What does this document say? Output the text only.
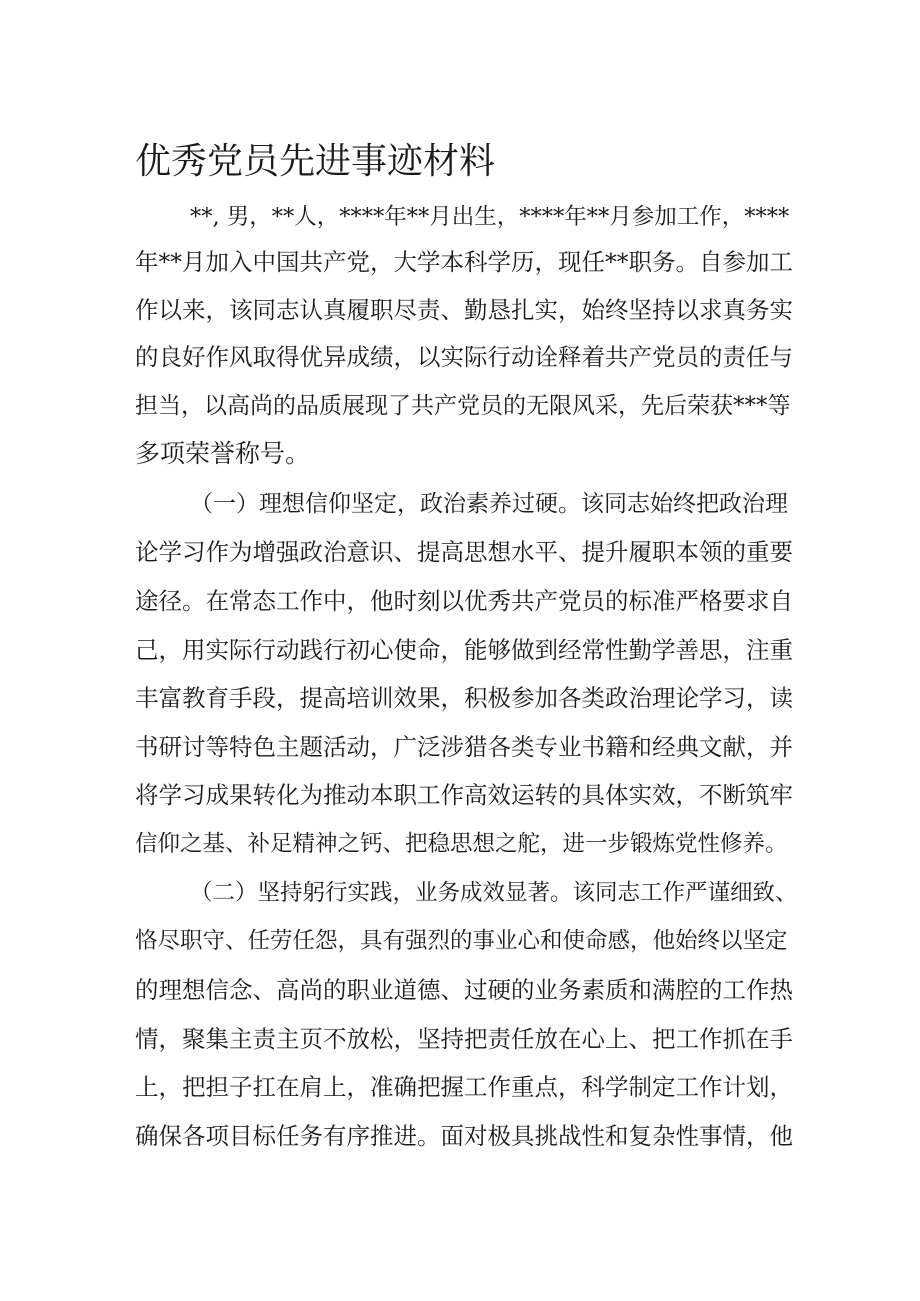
优秀党员先进事迹材料

**, 男，**人，****年**月出生，****年**月参加工作，****

年**月加入中国共产党，大学本科学历，现任**职务。自参加工

作以来，该同志认真履职尽责、勤恳扎实，始终坚持以求真务实

的良好作风取得优异成绩，以实际行动诠释着共产党员的责任与

担当，以高尚的品质展现了共产党员的无限风采，先后荣获***等

多项荣誉称号。

（一）理想信仰坚定，政治素养过硬。该同志始终把政治理

论学习作为增强政治意识、提高思想水平、提升履职本领的重要

途径。在常态工作中，他时刻以优秀共产党员的标准严格要求自

己，用实际行动践行初心使命，能够做到经常性勤学善思，注重

丰富教育手段，提高培训效果，积极参加各类政治理论学习，读

书研讨等特色主题活动，广泛涉猎各类专业书籍和经典文献，并

将学习成果转化为推动本职工作高效运转的具体实效，不断筑牢

信仰之基、补足精神之钙、把稳思想之舵，进一步锻炼党性修养。

（二）坚持躬行实践，业务成效显著。该同志工作严谨细致、

恪尽职守、任劳任怨，具有强烈的事业心和使命感，他始终以坚定

的理想信念、高尚的职业道德、过硬的业务素质和满腔的工作热

情，聚集主责主页不放松，坚持把责任放在心上、把工作抓在手

上，把担子扛在肩上，准确把握工作重点，科学制定工作计划，

确保各项目标任务有序推进。面对极具挑战性和复杂性事情，他
